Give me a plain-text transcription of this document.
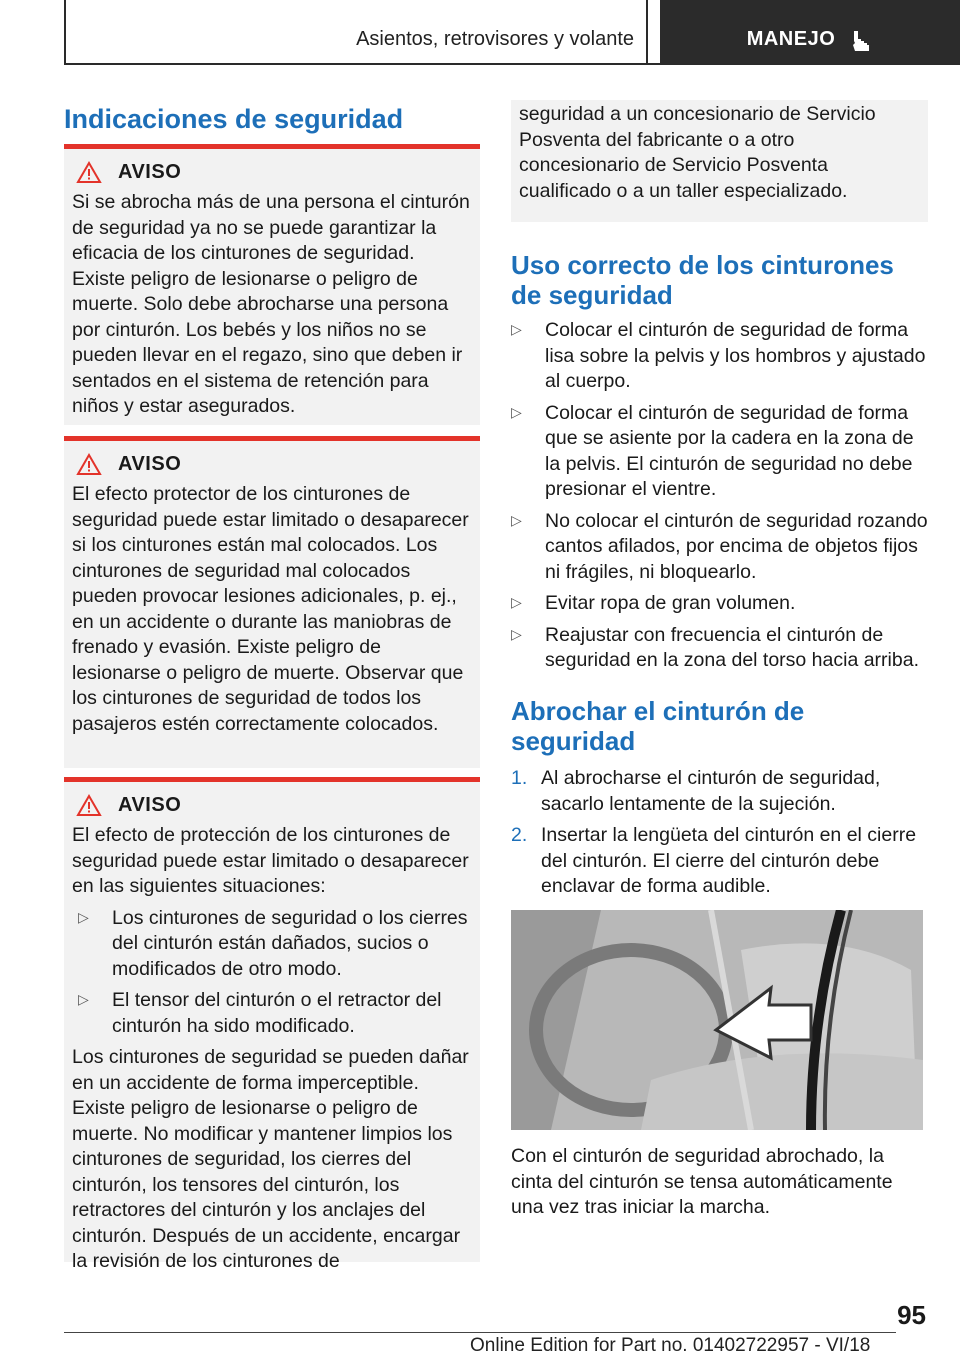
Asientos, retrovisores y volante	MANEJO
Indicaciones de seguridad
AVISO

Si se abrocha más de una persona el cinturón de seguridad ya no se puede garantizar la eficacia de los cinturones de seguridad. Existe peligro de lesionarse o peligro de muerte. Solo debe abrocharse una persona por cinturón. Los bebés y los niños no se pueden llevar en el regazo, sino que deben ir sentados en el sistema de retención para niños y estar asegurados.

AVISO

El efecto protector de los cinturones de seguridad puede estar limitado o desaparecer si los cinturones están mal colocados. Los cinturones de seguridad mal colocados pueden provocar lesiones adicionales, p. ej., en un accidente o durante las maniobras de frenado y evasión. Existe peligro de lesionarse o peligro de muerte. Observar que los cinturones de seguridad de todos los pasajeros estén correctamente colocados.

AVISO

El efecto de protección de los cinturones de seguridad puede estar limitado o desaparecer en las siguientes situaciones:

▷	Los cinturones de seguridad o los cierres del cinturón están dañados, sucios o modificados de otro modo.

▷	El tensor del cinturón o el retractor del cinturón ha sido modificado.

Los cinturones de seguridad se pueden dañar en un accidente de forma imperceptible. Existe peligro de lesionarse o peligro de muerte. No modificar y mantener limpios los cinturones de seguridad, los cierres del cinturón, los tensores del cinturón, los retractores del cinturón y los anclajes del cinturón. Después de un accidente, encargar la revisión de los cinturones de

seguridad a un concesionario de Servicio Posventa del fabricante o a otro concesionario de Servicio Posventa cualificado o a un taller especializado.

Uso correcto de los cinturones de seguridad
▷	Colocar el cinturón de seguridad de forma lisa sobre la pelvis y los hombros y ajustado al cuerpo.

▷	Colocar el cinturón de seguridad de forma que se asiente por la cadera en la zona de la pelvis. El cinturón de seguridad no debe presionar el vientre.

▷	No colocar el cinturón de seguridad rozando cantos afilados, por encima de objetos fijos ni frágiles, ni bloquearlo.

▷	Evitar ropa de gran volumen.

▷	Reajustar con frecuencia el cinturón de seguridad en la zona del torso hacia arriba.

Abrochar el cinturón de seguridad
1. Al abrocharse el cinturón de seguridad, sacarlo lentamente de la sujeción.

2. Insertar la lengüeta del cinturón en el cierre del cinturón. El cierre del cinturón debe enclavar de forma audible.

Con el cinturón de seguridad abrochado, la cinta del cinturón se tensa automáticamente una vez tras iniciar la marcha.

95
Online Edition for Part no. 01402722957 - VI/18
